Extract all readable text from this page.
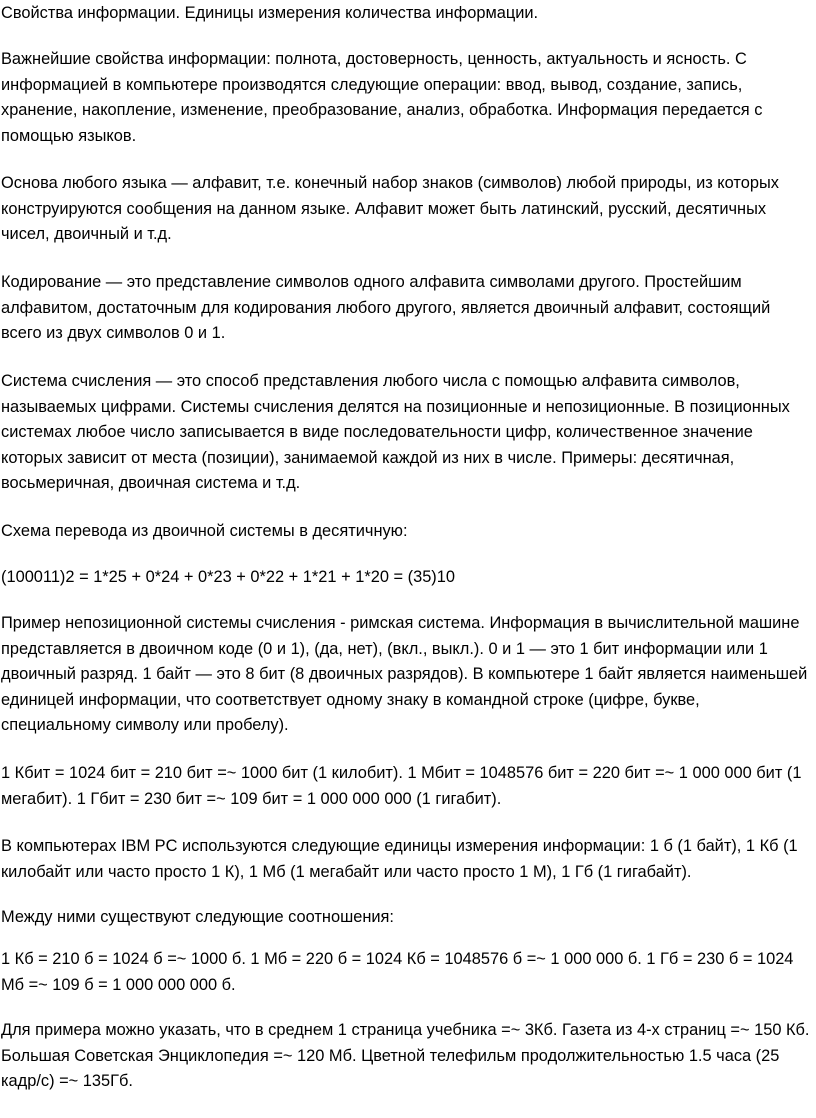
Свойства информации. Единицы измерения количества информации.

Важнейшие свойства информации: полнота, достоверность, ценность, актуальность и ясность. С информацией в компьютере производятся следующие операции: ввод, вывод, создание, запись, хранение, накопление, изменение, преобразование, анализ, обработка. Информация передается с помощью языков.

Основа любого языка — алфавит, т.е. конечный набор знаков (символов) любой природы, из которых конструируются сообщения на данном языке. Алфавит может быть латинский, русский, десятичных чисел, двоичный и т.д.

Кодирование — это представление символов одного алфавита символами другого. Простейшим алфавитом, достаточным для кодирования любого другого, является двоичный алфавит, состоящий всего из двух символов 0 и 1.

Система счисления — это способ представления любого числа с помощью алфавита символов, называемых цифрами. Системы счисления делятся на позиционные и непозиционные. В позиционных системах любое число записывается в виде последовательности цифр, количественное значение которых зависит от места (позиции), занимаемой каждой из них в числе. Примеры: десятичная, восьмеричная, двоичная система и т.д.

Схема перевода из двоичной системы в десятичную:

(100011)2 = 1*25 + 0*24 + 0*23 + 0*22 + 1*21 + 1*20 = (35)10

Пример непозиционной системы счисления - римская система. Информация в вычислительной машине представляется в двоичном коде (0 и 1), (да, нет), (вкл., выкл.). 0 и 1 — это 1 бит информации или 1 двоичный разряд. 1 байт — это 8 бит (8 двоичных разрядов). В компьютере 1 байт является наименьшей единицей информации, что соответствует одному знаку в командной строке (цифре, букве, специальному символу или пробелу).

1 Кбит = 1024 бит = 210 бит =~ 1000 бит (1 килобит). 1 Мбит = 1048576 бит = 220 бит =~ 1 000 000 бит (1 мегабит). 1 Гбит = 230 бит =~ 109 бит = 1 000 000 000 (1 гигабит).

В компьютерах IBM PC используются следующие единицы измерения информации: 1 б (1 байт), 1 Кб (1 килобайт или часто просто 1 К), 1 Мб (1 мегабайт или часто просто 1 М), 1 Гб (1 гигабайт).

Между ними существуют следующие соотношения:

1 Кб = 210 б = 1024 б =~ 1000 б. 1 Мб = 220 б = 1024 Кб = 1048576 б =~ 1 000 000 б. 1 Гб = 230 б = 1024 Мб =~ 109 б = 1 000 000 000 б.

Для примера можно указать, что в среднем 1 страница учебника =~ 3Кб. Газета из 4-х страниц =~ 150 Кб. Большая Советская Энциклопедия =~ 120 Мб. Цветной телефильм продолжительностью 1.5 часа (25 кадр/с) =~ 135Гб.
